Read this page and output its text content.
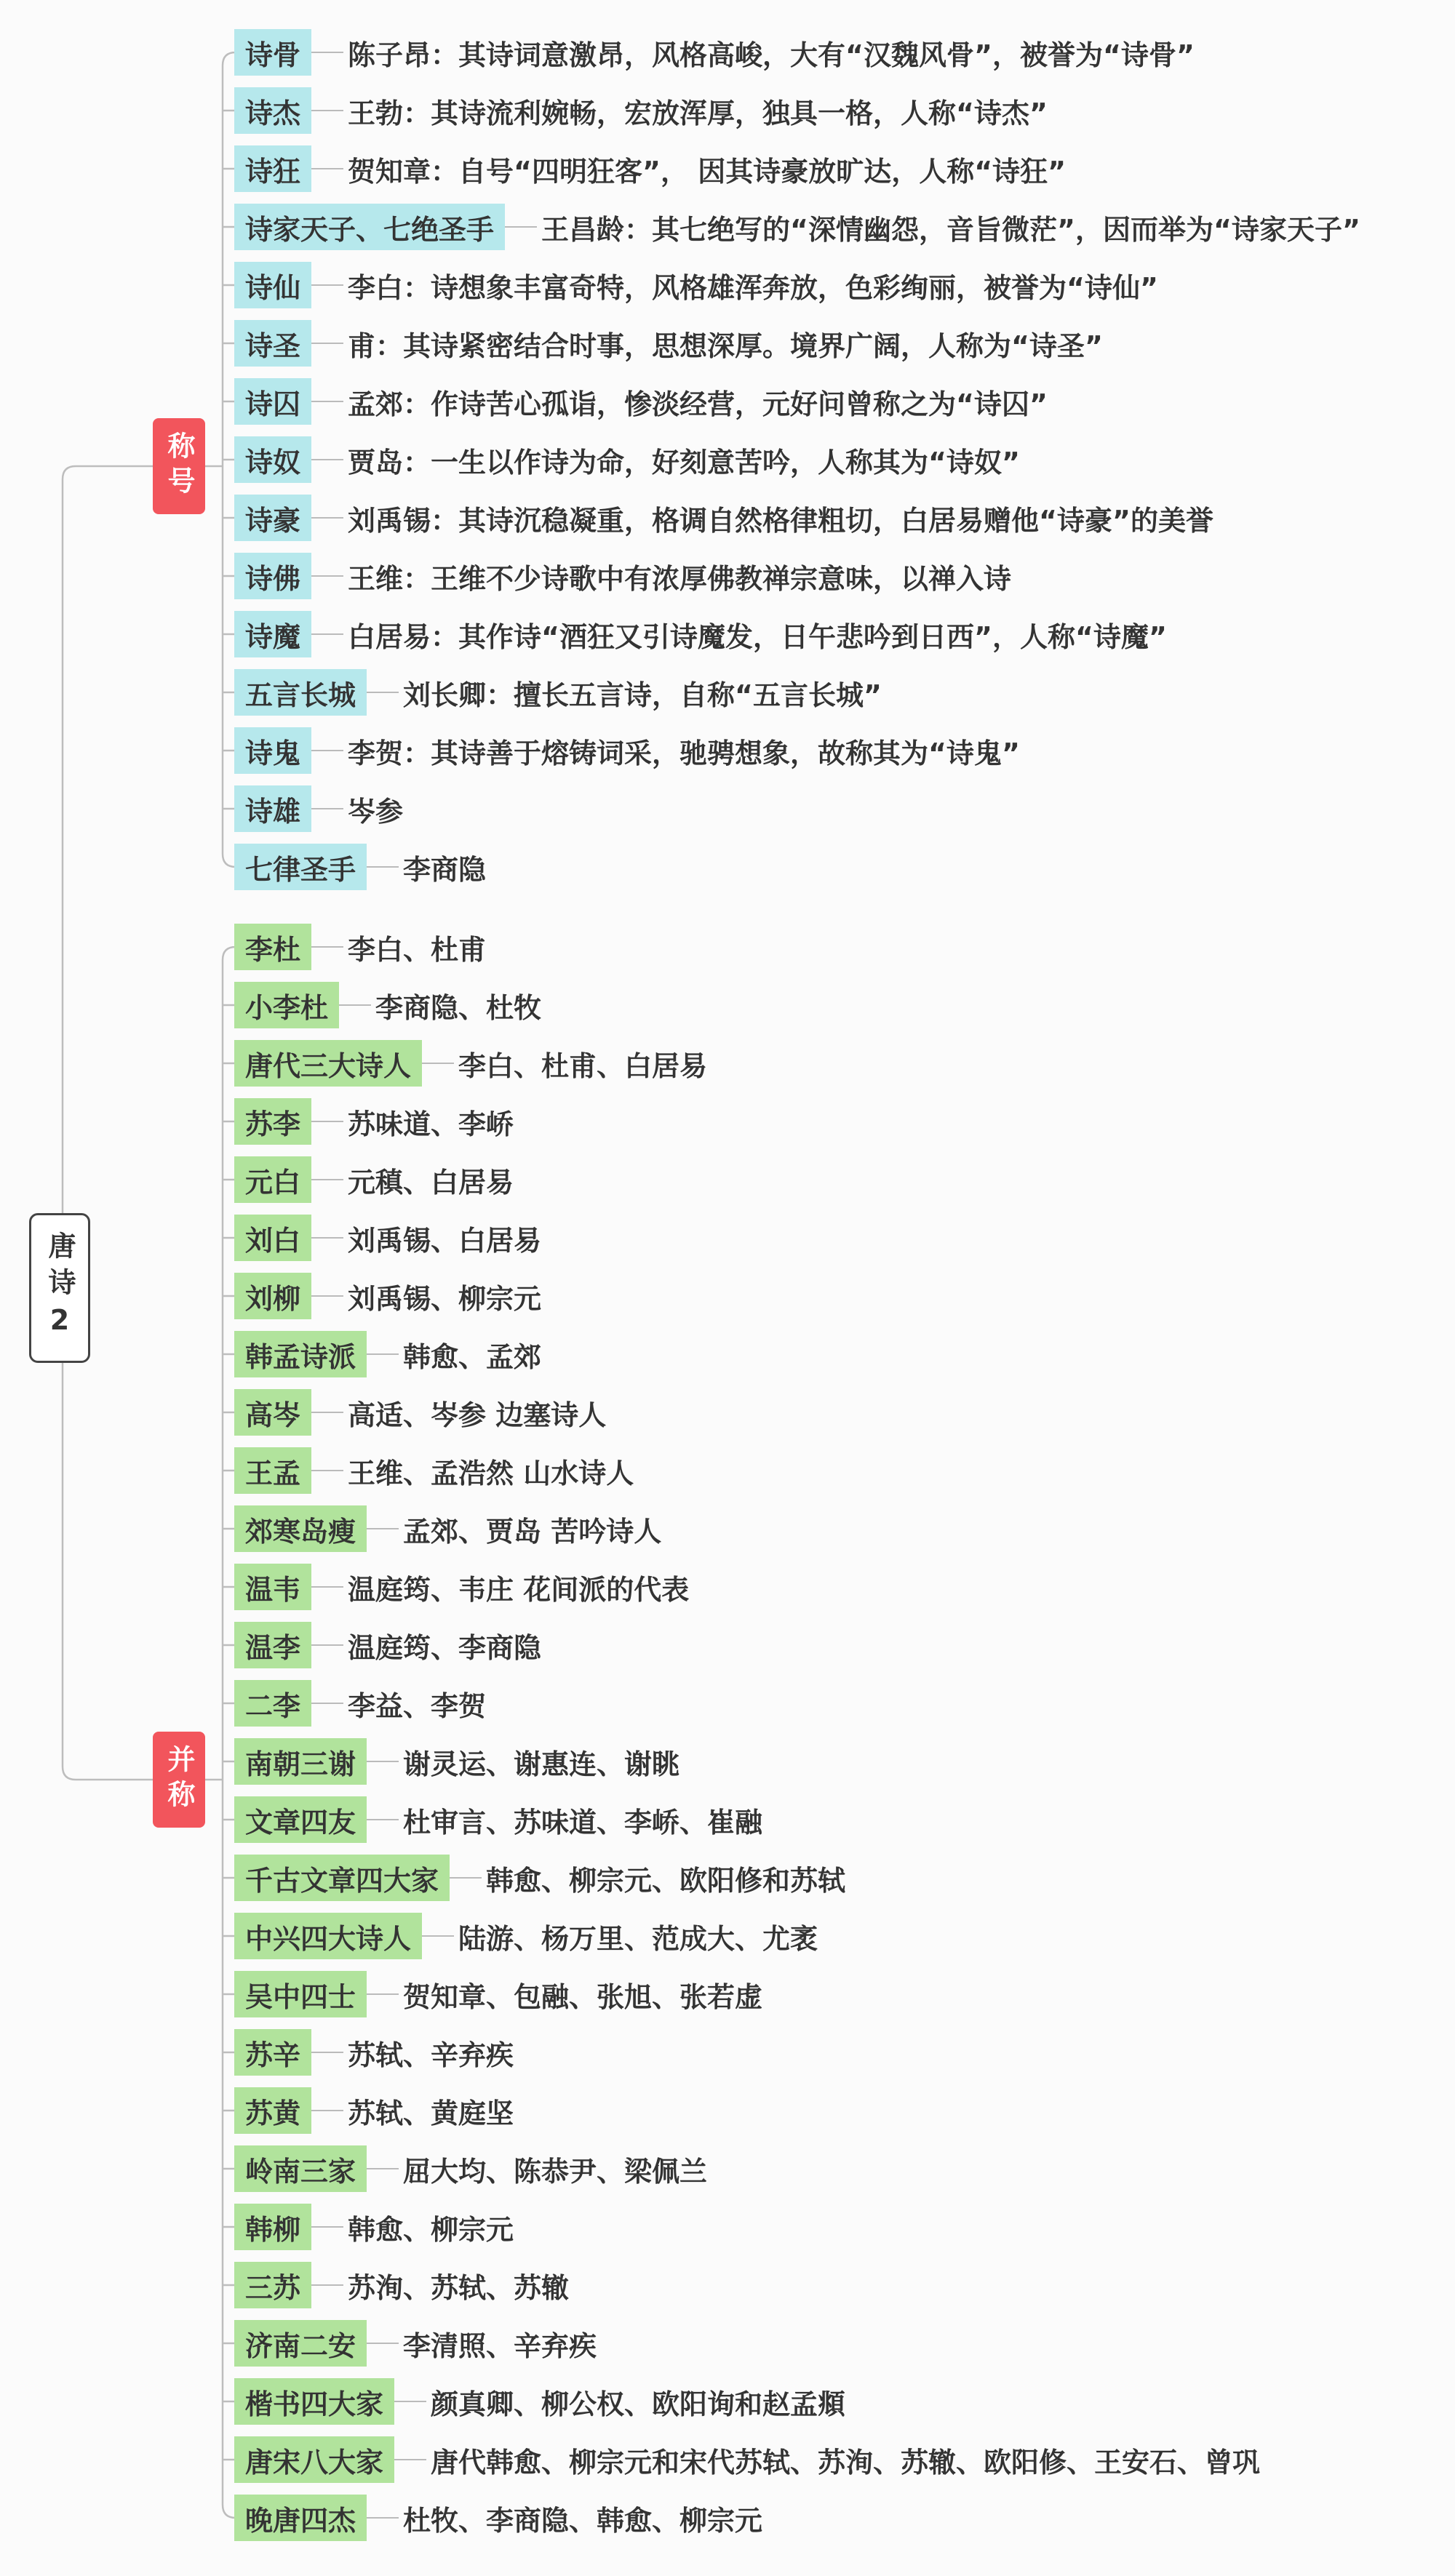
唐诗2
称号
并称
诗骨	陈子昂：其诗词意激昂，风格高峻，大有“汉魏风骨”，被誉为“诗骨”
诗杰	王勃：其诗流利婉畅，宏放浑厚，独具一格，人称“诗杰”
诗狂	贺知章：自号“四明狂客”， 因其诗豪放旷达，人称“诗狂”
诗家天子、七绝圣手	王昌龄：其七绝写的“深情幽怨，音旨微茫”，因而举为“诗家天子”
诗仙	李白：诗想象丰富奇特，风格雄浑奔放，色彩绚丽，被誉为“诗仙”
诗圣	甫：其诗紧密结合时事，思想深厚。境界广阔，人称为“诗圣”
诗囚	孟郊：作诗苦心孤诣，惨淡经营，元好问曾称之为“诗囚”
诗奴	贾岛：一生以作诗为命，好刻意苦吟，人称其为“诗奴”
诗豪	刘禹锡：其诗沉稳凝重，格调自然格律粗切，白居易赠他“诗豪”的美誉
诗佛	王维：王维不少诗歌中有浓厚佛教禅宗意味，以禅入诗
诗魔	白居易：其作诗“酒狂又引诗魔发，日午悲吟到日西”，人称“诗魔”
五言长城	刘长卿：擅长五言诗，自称“五言长城”
诗鬼	李贺：其诗善于熔铸词采，驰骋想象，故称其为“诗鬼”
诗雄	岑参
七律圣手	李商隐
李杜	李白、杜甫
小李杜	李商隐、杜牧
唐代三大诗人	李白、杜甫、白居易
苏李	苏味道、李峤
元白	元稹、白居易
刘白	刘禹锡、白居易
刘柳	刘禹锡、柳宗元
韩孟诗派	韩愈、孟郊
高岑	高适、岑参 边塞诗人
王孟	王维、孟浩然 山水诗人
郊寒岛瘦	孟郊、贾岛 苦吟诗人
温韦	温庭筠、韦庄 花间派的代表
温李	温庭筠、李商隐
二李	李益、李贺
南朝三谢	谢灵运、谢惠连、谢眺
文章四友	杜审言、苏味道、李峤、崔融
千古文章四大家	韩愈、柳宗元、欧阳修和苏轼
中兴四大诗人	陆游、杨万里、范成大、尤袤
吴中四士	贺知章、包融、张旭、张若虚
苏辛	苏轼、辛弃疾
苏黄	苏轼、黄庭坚
岭南三家	屈大均、陈恭尹、梁佩兰
韩柳	韩愈、柳宗元
三苏	苏洵、苏轼、苏辙
济南二安	李清照、辛弃疾
楷书四大家	颜真卿、柳公权、欧阳询和赵孟頫
唐宋八大家	唐代韩愈、柳宗元和宋代苏轼、苏洵、苏辙、欧阳修、王安石、曾巩
晚唐四杰	杜牧、李商隐、韩愈、柳宗元
